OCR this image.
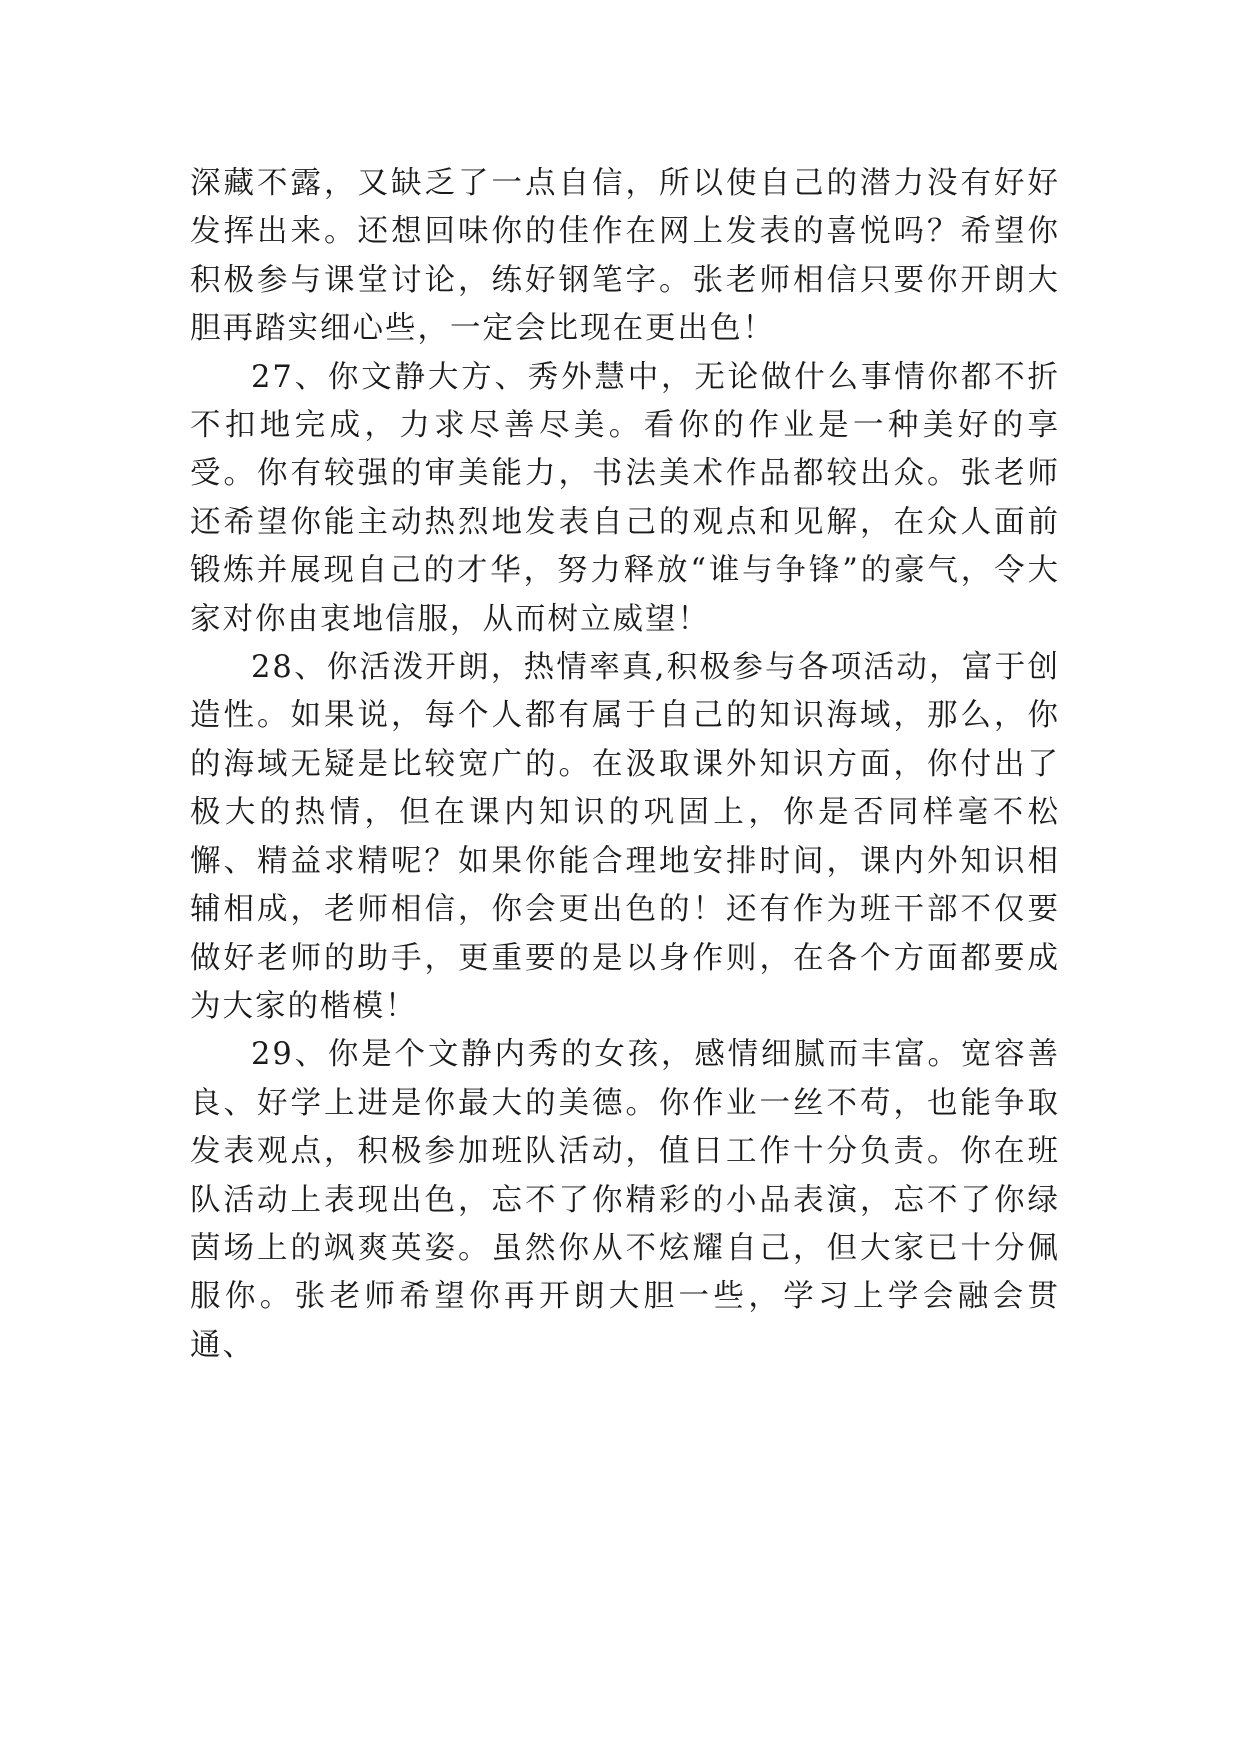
深藏不露，又缺乏了一点自信，所以使自己的潜力没有好好发挥出来。还想回味你的佳作在网上发表的喜悦吗？希望你积极参与课堂讨论，练好钢笔字。张老师相信只要你开朗大胆再踏实细心些，一定会比现在更出色！

27、你文静大方、秀外慧中，无论做什么事情你都不折不扣地完成，力求尽善尽美。看你的作业是一种美好的享受。你有较强的审美能力，书法美术作品都较出众。张老师还希望你能主动热烈地发表自己的观点和见解，在众人面前锻炼并展现自己的才华，努力释放“谁与争锋”的豪气，令大家对你由衷地信服，从而树立威望！

28、你活泼开朗，热情率真,积极参与各项活动，富于创造性。如果说，每个人都有属于自己的知识海域，那么，你的海域无疑是比较宽广的。在汲取课外知识方面，你付出了极大的热情，但在课内知识的巩固上，你是否同样毫不松懈、精益求精呢？如果你能合理地安排时间，课内外知识相辅相成，老师相信，你会更出色的！还有作为班干部不仅要做好老师的助手，更重要的是以身作则，在各个方面都要成为大家的楷模！

29、你是个文静内秀的女孩，感情细腻而丰富。宽容善良、好学上进是你最大的美德。你作业一丝不苟，也能争取发表观点，积极参加班队活动，值日工作十分负责。你在班队活动上表现出色，忘不了你精彩的小品表演，忘不了你绿茵场上的飒爽英姿。虽然你从不炫耀自己，但大家已十分佩服你。张老师希望你再开朗大胆一些，学习上学会融会贯通、
